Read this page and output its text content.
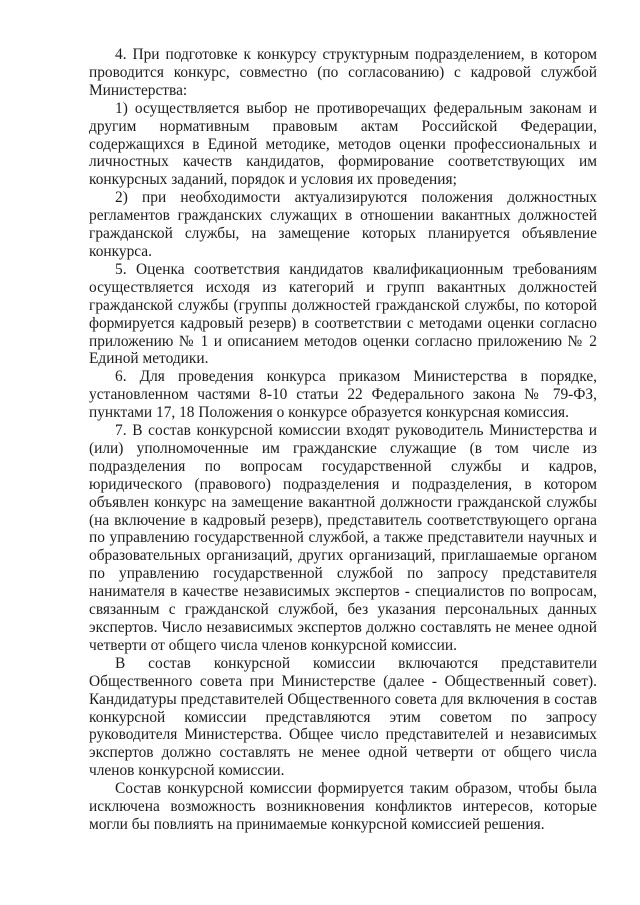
4. При подготовке к конкурсу структурным подразделением, в котором проводится конкурс, совместно (по согласованию) с кадровой службой Министерства:

1) осуществляется выбор не противоречащих федеральным законам и другим нормативным правовым актам Российской Федерации, содержащихся в Единой методике, методов оценки профессиональных и личностных качеств кандидатов, формирование соответствующих им конкурсных заданий, порядок и условия их проведения;

2) при необходимости актуализируются положения должностных регламентов гражданских служащих в отношении вакантных должностей гражданской службы, на замещение которых планируется объявление конкурса.

5. Оценка соответствия кандидатов квалификационным требованиям осуществляется исходя из категорий и групп вакантных должностей гражданской службы (группы должностей гражданской службы, по которой формируется кадровый резерв) в соответствии с методами оценки согласно приложению № 1 и описанием методов оценки согласно приложению № 2 Единой методики.

6. Для проведения конкурса приказом Министерства в порядке, установленном частями 8-10 статьи 22 Федерального закона № 79-ФЗ, пунктами 17, 18 Положения о конкурсе образуется конкурсная комиссия.

7. В состав конкурсной комиссии входят руководитель Министерства и (или) уполномоченные им гражданские служащие (в том числе из подразделения по вопросам государственной службы и кадров, юридического (правового) подразделения и подразделения, в котором объявлен конкурс на замещение вакантной должности гражданской службы (на включение в кадровый резерв), представитель соответствующего органа по управлению государственной службой, а также представители научных и образовательных организаций, других организаций, приглашаемые органом по управлению государственной службой по запросу представителя нанимателя в качестве независимых экспертов - специалистов по вопросам, связанным с гражданской службой, без указания персональных данных экспертов. Число независимых экспертов должно составлять не менее одной четверти от общего числа членов конкурсной комиссии.

В состав конкурсной комиссии включаются представители Общественного совета при Министерстве (далее - Общественный совет). Кандидатуры представителей Общественного совета для включения в состав конкурсной комиссии представляются этим советом по запросу руководителя Министерства. Общее число представителей и независимых экспертов должно составлять не менее одной четверти от общего числа членов конкурсной комиссии.

Состав конкурсной комиссии формируется таким образом, чтобы была исключена возможность возникновения конфликтов интересов, которые могли бы повлиять на принимаемые конкурсной комиссией решения.
